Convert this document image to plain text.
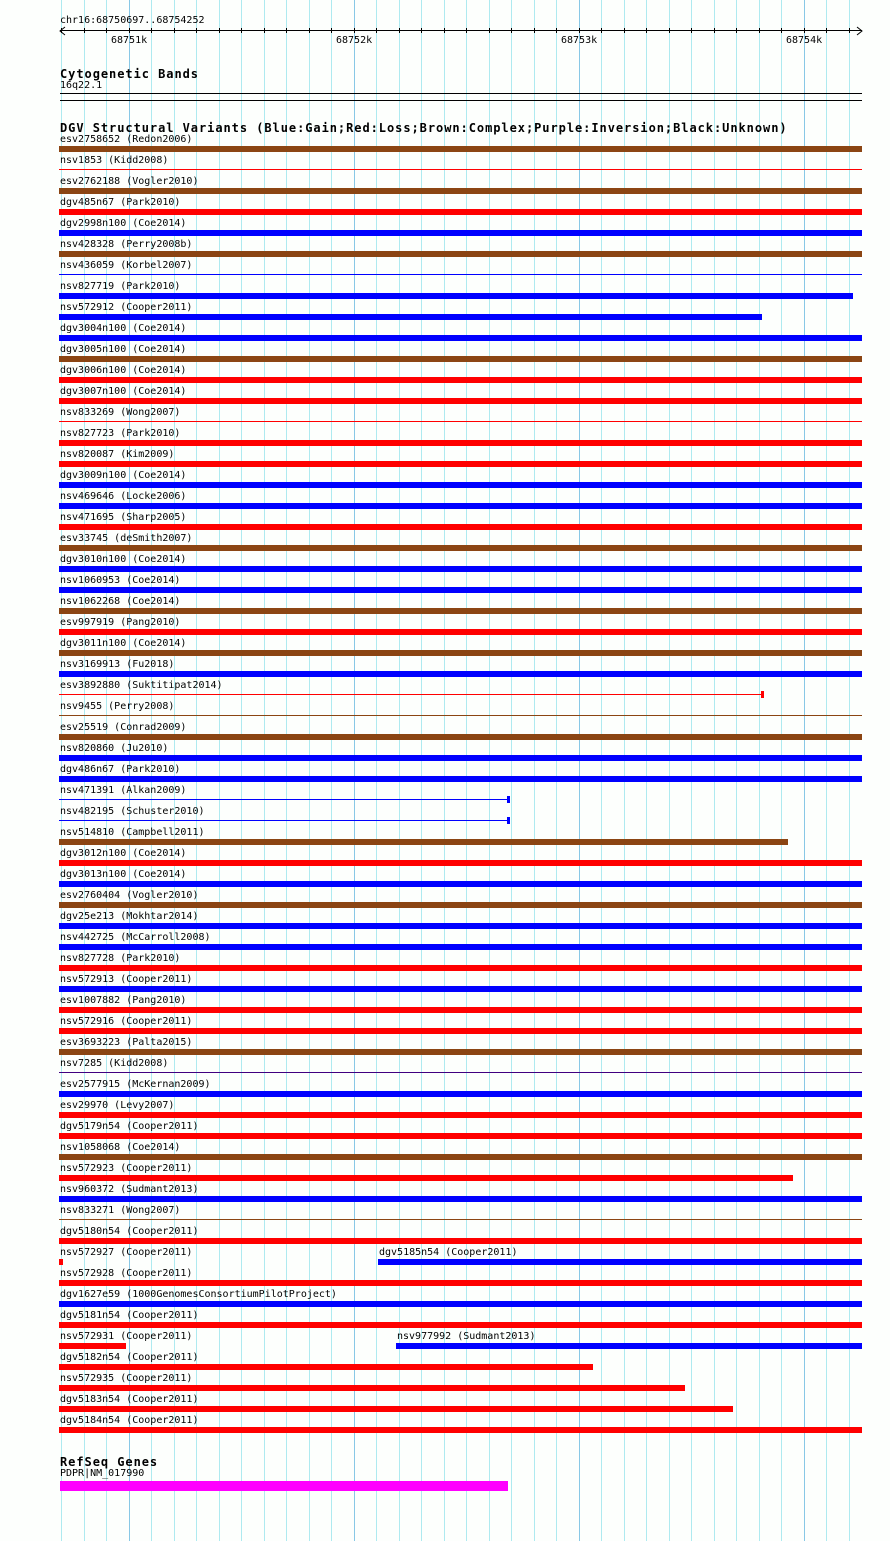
chr16:68750697..68754252
68751k	68752k	68753k	68754k
Cytogenetic Bands
16q22.1
DGV Structural Variants (Blue:Gain;Red:Loss;Brown:Complex;Purple:Inversion;Black:Unknown)
esv2758652 (Redon2006)
nsv1853 (Kidd2008)
esv2762188 (Vogler2010)
dgv485n67 (Park2010)
dgv2998n100 (Coe2014)
nsv428328 (Perry2008b)
nsv436059 (Korbel2007)
nsv827719 (Park2010)
nsv572912 (Cooper2011)
dgv3004n100 (Coe2014)
dgv3005n100 (Coe2014)
dgv3006n100 (Coe2014)
dgv3007n100 (Coe2014)
nsv833269 (Wong2007)
nsv827723 (Park2010)
nsv820087 (Kim2009)
dgv3009n100 (Coe2014)
nsv469646 (Locke2006)
nsv471695 (Sharp2005)
esv33745 (deSmith2007)
dgv3010n100 (Coe2014)
nsv1060953 (Coe2014)
nsv1062268 (Coe2014)
esv997919 (Pang2010)
dgv3011n100 (Coe2014)
nsv3169913 (Fu2018)
esv3892880 (Suktitipat2014)
nsv9455 (Perry2008)
esv25519 (Conrad2009)
nsv820860 (Ju2010)
dgv486n67 (Park2010)
nsv471391 (Alkan2009)
nsv482195 (Schuster2010)
nsv514810 (Campbell2011)
dgv3012n100 (Coe2014)
dgv3013n100 (Coe2014)
esv2760404 (Vogler2010)
dgv25e213 (Mokhtar2014)
nsv442725 (McCarroll2008)
nsv827728 (Park2010)
nsv572913 (Cooper2011)
esv1007882 (Pang2010)
nsv572916 (Cooper2011)
esv3693223 (Palta2015)
nsv7285 (Kidd2008)
esv2577915 (McKernan2009)
esv29970 (Levy2007)
dgv5179n54 (Cooper2011)
nsv1058068 (Coe2014)
nsv572923 (Cooper2011)
nsv960372 (Sudmant2013)
nsv833271 (Wong2007)
dgv5180n54 (Cooper2011)
nsv572927 (Cooper2011)	dgv5185n54 (Cooper2011)
nsv572928 (Cooper2011)
dgv1627e59 (1000GenomesConsortiumPilotProject)
dgv5181n54 (Cooper2011)
nsv572931 (Cooper2011)	nsv977992 (Sudmant2013)
dgv5182n54 (Cooper2011)
nsv572935 (Cooper2011)
dgv5183n54 (Cooper2011)
dgv5184n54 (Cooper2011)
RefSeq Genes
PDPR|NM_017990
